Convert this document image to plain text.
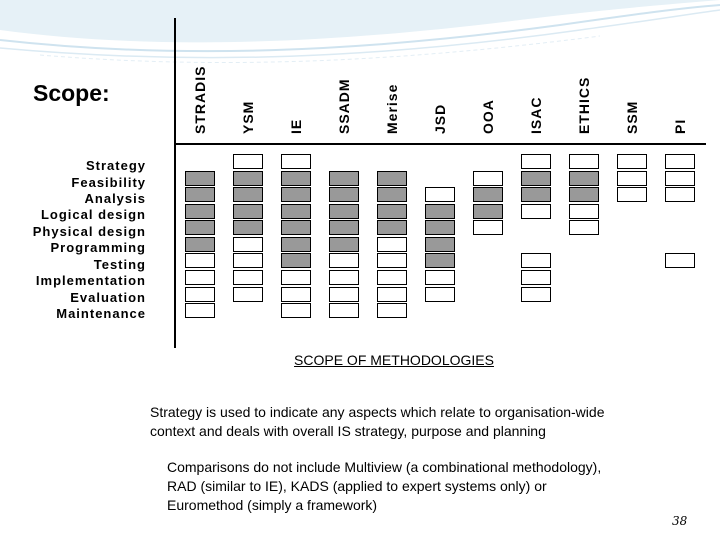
Scope:	STRADIS YSM IE SSADM Merise JSD OOA ISAC ETHICS SSM PI
Strategy
Feasibility
Analysis
Logical design
Physical design
Programming
Testing
Implementation
Evaluation
Maintenance
SCOPE OF METHODOLOGIES
Strategy is used to indicate any aspects which relate to organisation-wide context and deals with overall IS strategy, purpose and planning
Comparisons do not include Multiview (a combinational methodology), RAD (similar to IE), KADS (applied to expert systems only) or Euromethod (simply a framework)
38
